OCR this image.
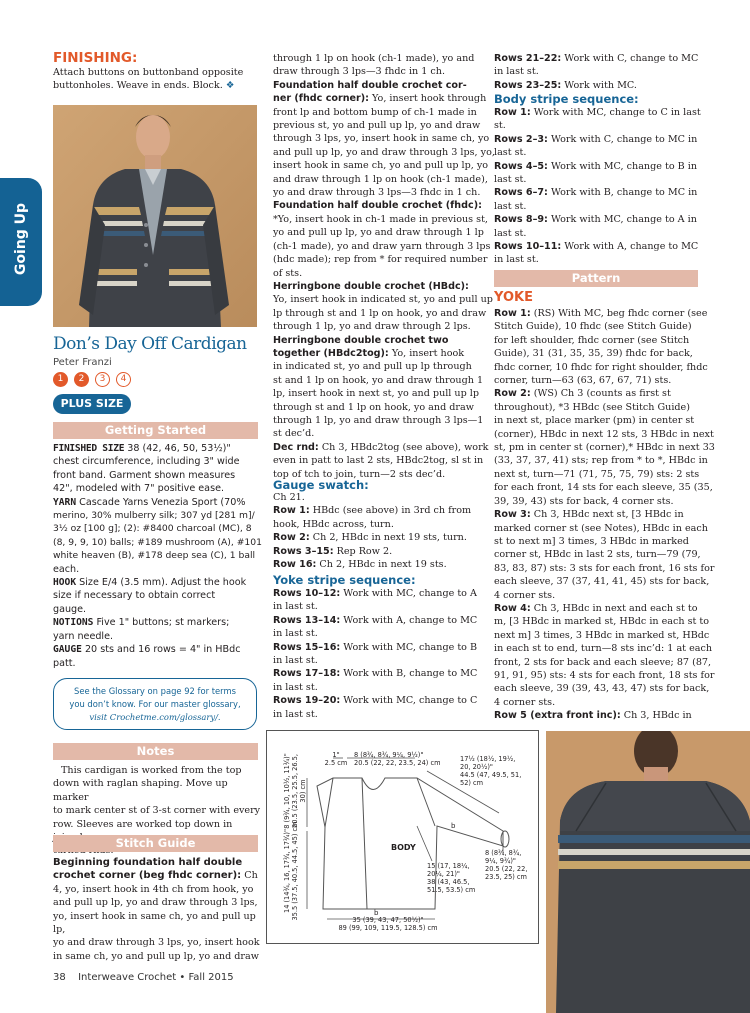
Going Up
FINISHING:
Attach buttons on buttonband opposite
buttonholes. Weave in ends. Block. ❖
Don’s Day Off Cardigan
Peter Franzi
1	2	3	4
PLUS SIZE
Getting Started
FINISHED SIZE 38 (42, 46, 50, 53½)"
chest circumference, including 3" wide
front band. Garment shown measures
42", modeled with 7" positive ease.
YARN Cascade Yarns Venezia Sport (70%
merino, 30% mulberry silk; 307 yd [281 m]/
3½ oz [100 g]; (2): #8400 charcoal (MC), 8
(8, 9, 9, 10) balls; #189 mushroom (A), #101
white heaven (B), #178 deep sea (C), 1 ball
each.
HOOK Size E/4 (3.5 mm). Adjust the hook
size if necessary to obtain correct
gauge.
NOTIONS Five 1" buttons; st markers;
yarn needle.
GAUGE 20 sts and 16 rows = 4" in HBdc
patt.
See the Glossary on page 92 for terms
you don’t know. For our master glossary,
visit Crochetme.com/glossary/.
Notes
This cardigan is worked from the top
down with raglan shaping. Move up marker
to mark center st of 3-st corner with every
row. Sleeves are worked top down in
Stitch Guide
Beginning foundation half double
crochet corner (beg fhdc corner): Ch
4, yo, insert hook in 4th ch from hook, yo
and pull up lp, yo and draw through 3 lps,
yo, insert hook in same ch, yo and pull up lp,
yo and draw through 3 lps, yo, insert hook
in same ch, yo and pull up lp, yo and draw
through 1 lp on hook (ch-1 made), yo and
draw through 3 lps—3 fhdc in 1 ch.
Foundation half double crochet cor-
ner (fhdc corner): Yo, insert hook through
front lp and bottom bump of ch-1 made in
previous st, yo and pull up lp, yo and draw
through 3 lps, yo, insert hook in same ch, yo
and pull up lp, yo and draw through 3 lps, yo,
insert hook in same ch, yo and pull up lp, yo
and draw through 1 lp on hook (ch-1 made),
yo and draw through 3 lps—3 fhdc in 1 ch.
Foundation half double crochet (fhdc):
*Yo, insert hook in ch-1 made in previous st,
yo and pull up lp, yo and draw through 1 lp
(ch-1 made), yo and draw yarn through 3 lps
(hdc made); rep from * for required number
of sts.
Herringbone double crochet (HBdc):
Yo, insert hook in indicated st, yo and pull up
lp through st and 1 lp on hook, yo and draw
through 1 lp, yo and draw through 2 lps.
Herringbone double crochet two
together (HBdc2tog): Yo, insert hook
in indicated st, yo and pull up lp through
st and 1 lp on hook, yo and draw through 1
lp, insert hook in next st, yo and pull up lp
through st and 1 lp on hook, yo and draw
through 1 lp, yo and draw through 3 lps—1
st dec’d.
Dec rnd: Ch 3, HBdc2tog (see above), work
even in patt to last 2 sts, HBdc2tog, sl st in
top of tch to join, turn—2 sts dec’d.
Gauge swatch:
Ch 21.
Row 1: HBdc (see above) in 3rd ch from
hook, HBdc across, turn.
Row 2: Ch 2, HBdc in next 19 sts, turn.
Rows 3–15: Rep Row 2.
Row 16: Ch 2, HBdc in next 19 sts.
Yoke stripe sequence:
Rows 10–12: Work with MC, change to A
in last st.
Rows 13–14: Work with A, change to MC
in last st.
Rows 15–16: Work with MC, change to B
in last st.
Rows 17–18: Work with B, change to MC
in last st.
Rows 19–20: Work with MC, change to C
in last st.
Rows 21–22: Work with C, change to MC
in last st.
Rows 23–25: Work with MC.
Body stripe sequence:
Row 1: Work with MC, change to C in last
st.
Rows 2–3: Work with C, change to MC in
last st.
Rows 4–5: Work with MC, change to B in
last st.
Rows 6–7: Work with B, change to MC in
last st.
Rows 8–9: Work with MC, change to A in
last st.
Rows 10–11: Work with A, change to MC
in last st.
Pattern
YOKE
Row 1: (RS) With MC, beg fhdc corner (see
Stitch Guide), 10 fhdc (see Stitch Guide)
for left shoulder, fhdc corner (see Stitch
Guide), 31 (31, 35, 35, 39) fhdc for back,
fhdc corner, 10 fhdc for right shoulder, fhdc
corner, turn—63 (63, 67, 67, 71) sts.
Row 2: (WS) Ch 3 (counts as first st
throughout), *3 HBdc (see Stitch Guide)
in next st, place marker (pm) in center st
(corner), HBdc in next 12 sts, 3 HBdc in next
st, pm in center st (corner),* HBdc in next 33
(33, 37, 37, 41) sts; rep from * to *, HBdc in
next st, turn—71 (71, 75, 75, 79) sts: 2 sts
for each front, 14 sts for each sleeve, 35 (35,
39, 39, 43) sts for back, 4 corner sts.
Row 3: Ch 3, HBdc next st, [3 HBdc in
marked corner st (see Notes), HBdc in each
st to next m] 3 times, 3 HBdc in marked
corner st, HBdc in last 2 sts, turn—79 (79,
83, 83, 87) sts: 3 sts for each front, 16 sts for
each sleeve, 37 (37, 41, 41, 45) sts for back,
4 corner sts.
Row 4: Ch 3, HBdc in next and each st to
m, [3 HBdc in marked st, HBdc in each st to
next m] 3 times, 3 HBdc in marked st, HBdc
in each st to end, turn—8 sts inc’d: 1 at each
front, 2 sts for back and each sleeve; 87 (87,
91, 91, 95) sts: 4 sts for each front, 18 sts for
each sleeve, 39 (39, 43, 43, 47) sts for back,
4 corner sts.
Row 5 (extra front inc): Ch 3, HBdc in
BODY
1"
2.5 cm
8 (8¾, 8¾, 9¼, 9½)"
20.5 (22, 22, 23.5, 24) cm	17½ (18½, 19½,
20, 20½)"
44.5 (47, 49.5, 51,
52) cm
8 (9¾, 10, 10½, 11¾)" 20.5 (23.5, 25.5, 26.5, 30) cm
14 (14¾, 16, 17¾, 17¾)" 35.5 (37.5, 40.5, 44.5, 45) cm	15 (17, 18¼,
20¼, 21)"
38 (43, 46.5,
51.5, 53.5) cm
8 (8¾, 8¾,
9¼, 9¾)"
20.5 (22, 22,
23.5, 25) cm
35 (39, 43, 47, 50½)"
89 (99, 109, 119.5, 128.5) cm
b
b
38 Interweave Crochet • Fall 2015
